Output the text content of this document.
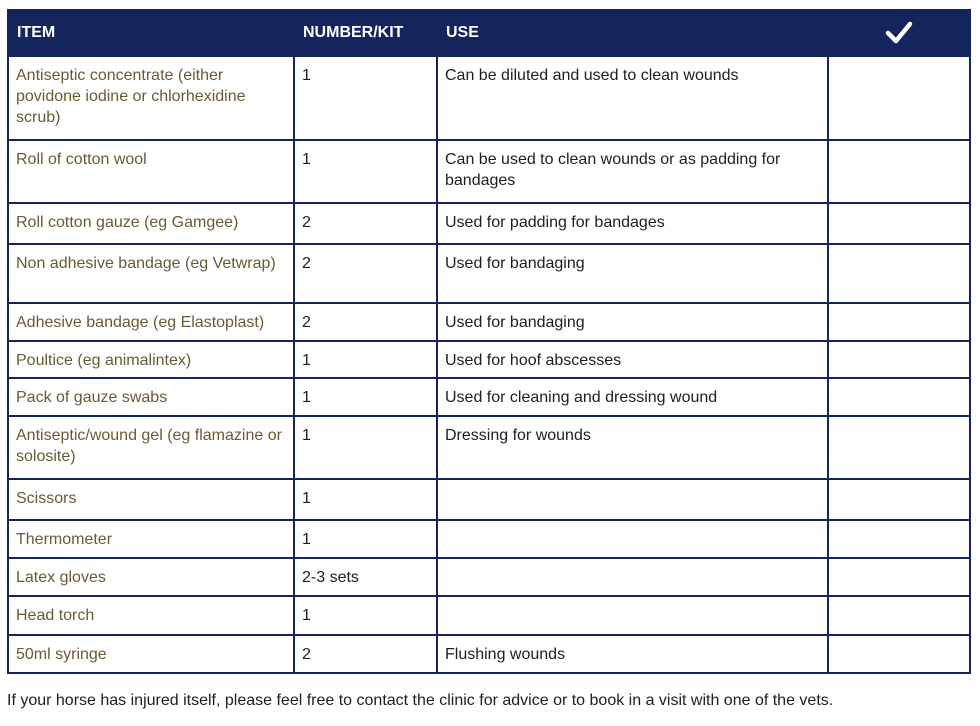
ITEM	NUMBER/KIT	USE	
Antiseptic concentrate (either povidone iodine or chlorhexidine scrub)	1	Can be diluted and used to clean wounds	
Roll of cotton wool	1	Can be used to clean wounds or as padding for bandages	
Roll cotton gauze (eg Gamgee)	2	Used for padding for bandages	
Non adhesive bandage (eg Vetwrap)	2	Used for bandaging	
Adhesive bandage (eg Elastoplast)	2	Used for bandaging	
Poultice (eg animalintex)	1	Used for hoof abscesses	
Pack of gauze swabs	1	Used for cleaning and dressing wound	
Antiseptic/wound gel (eg flamazine or solosite)	1	Dressing for wounds	
Scissors	1		
Thermometer	1		
Latex gloves	2-3 sets		
Head torch	1		
50ml syringe	2	Flushing wounds	
If your horse has injured itself, please feel free to contact the clinic for advice or to book in a visit with one of the vets.
